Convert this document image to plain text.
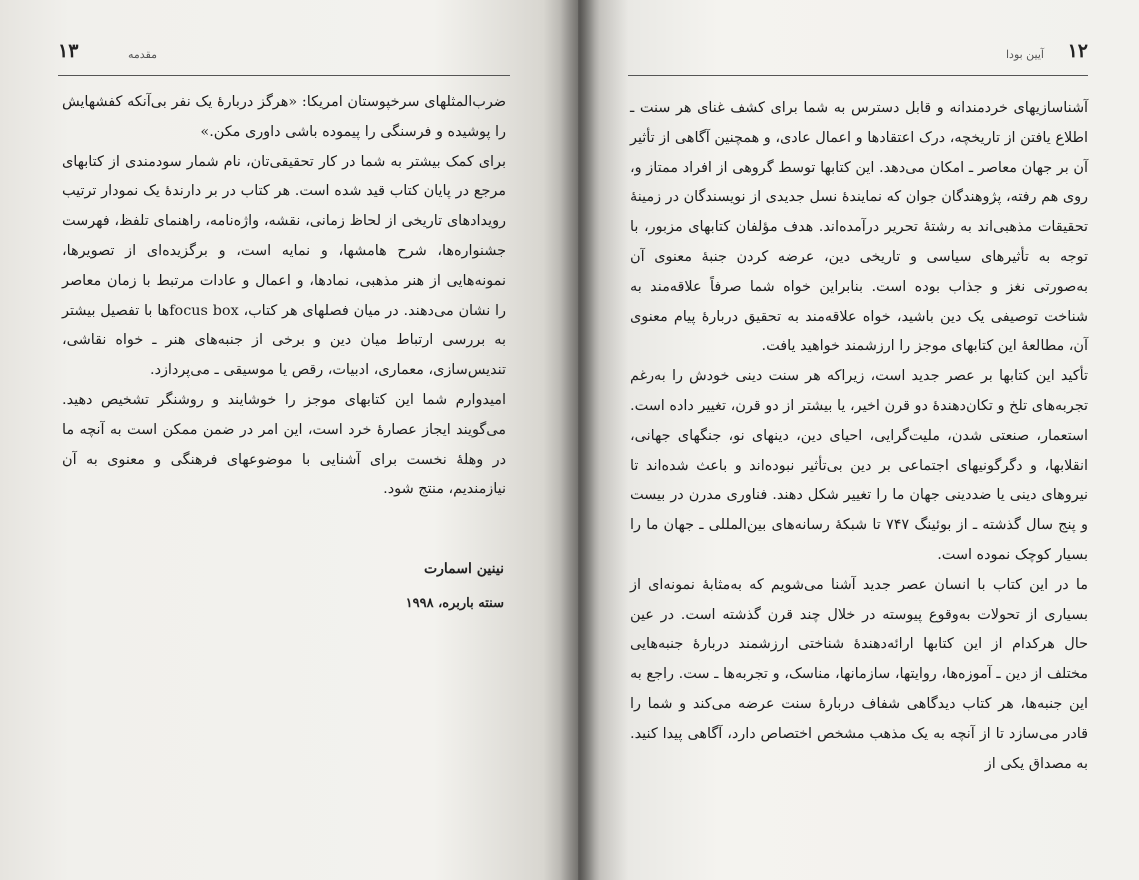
۱۳	مقدمه

ضرب‌المثلهای سرخپوستان امریکا: «هرگز دربارهٔ یک نفر بی‌آنکه کفشهایش را پوشیده و فرسنگی را پیموده باشی داوری مکن.»

برای کمک بیشتر به شما در کار تحقیقی‌تان، نام شمار سودمندی از کتابهای مرجع در پایان کتاب قید شده است. هر کتاب در بر دارندهٔ یک نمودار ترتیب رویدادهای تاریخی از لحاظ زمانی، نقشه، واژه‌نامه، راهنمای تلفظ، فهرست جشنواره‌ها، شرح هامشها، و نمایه است، و برگزیده‌ای از تصویرها، نمونه‌هایی از هنر مذهبی، نمادها، و اعمال و عادات مرتبط با زمان معاصر را نشان می‌دهند. در میان فصلهای هر کتاب، focus boxها با تفصیل بیشتر به بررسی ارتباط میان دین و برخی از جنبه‌های هنر ـ خواه نقاشی، تندیس‌سازی، معماری، ادبیات، رقص یا موسیقی ـ می‌پردازد.

امیدوارم شما این کتابهای موجز را خوشایند و روشنگر تشخیص دهید. می‌گویند ایجاز عصارهٔ خرد است، این امر در ضمن ممکن است به آنچه ما در وهلهٔ نخست برای آشنایی با موضوعهای فرهنگی و معنوی به آن نیازمندیم، منتج شود.

نینین اسمارت
سنته باربره، ۱۹۹۸
۱۲
آیین بودا

آشناسازیهای خردمندانه و قابل دسترس به شما برای کشف غنای هر سنت ـ اطلاع یافتن از تاریخچه، درک اعتقادها و اعمال عادی، و همچنین آگاهی از تأثیر آن بر جهان معاصر ـ امکان می‌دهد. این کتابها توسط گروهی از افراد ممتاز و، روی هم رفته، پژوهندگان جوان که نمایندهٔ نسل جدیدی از نویسندگان در زمینهٔ تحقیقات مذهبی‌اند به رشتهٔ تحریر درآمده‌اند. هدف مؤلفان کتابهای مزبور، با توجه به تأثیرهای سیاسی و تاریخی دین، عرضه کردن جنبهٔ معنوی آن به‌صورتی نغز و جذاب بوده است. بنابراین خواه شما صرفاً علاقه‌مند به شناخت توصیفی یک دین باشید، خواه علاقه‌مند به تحقیق دربارهٔ پیام معنوی آن، مطالعهٔ این کتابهای موجز را ارزشمند خواهید یافت.

تأکید این کتابها بر عصر جدید است، زیراکه هر سنت دینی خودش را به‌رغم تجربه‌های تلخ و تکان‌دهندهٔ دو قرن اخیر، یا بیشتر از دو قرن، تغییر داده است. استعمار، صنعتی شدن، ملیت‌گرایی، احیای دین، دینهای نو، جنگهای جهانی، انقلابها، و دگرگونیهای اجتماعی بر دین بی‌تأثیر نبوده‌اند و باعث شده‌اند تا نیروهای دینی یا ضددینی جهان ما را تغییر شکل دهند. فناوری مدرن در بیست و پنج سال گذشته ـ از بوئینگ ۷۴۷ تا شبکهٔ رسانه‌های بین‌المللی ـ جهان ما را بسیار کوچک نموده است.

ما در این کتاب با انسان عصر جدید آشنا می‌شویم که به‌مثابهٔ نمونه‌ای از بسیاری از تحولات به‌وقوع پیوسته در خلال چند قرن گذشته است. در عین حال هرکدام از این کتابها ارائه‌دهندهٔ شناختی ارزشمند دربارهٔ جنبه‌هایی مختلف از دین ـ آموزه‌ها، روایتها، سازمانها، مناسک، و تجربه‌ها ـ ست. راجع به این جنبه‌ها، هر کتاب دیدگاهی شفاف دربارهٔ سنت عرضه می‌کند و شما را قادر می‌سازد تا از آنچه به یک مذهب مشخص اختصاص دارد، آگاهی پیدا کنید. به مصداق یکی از
